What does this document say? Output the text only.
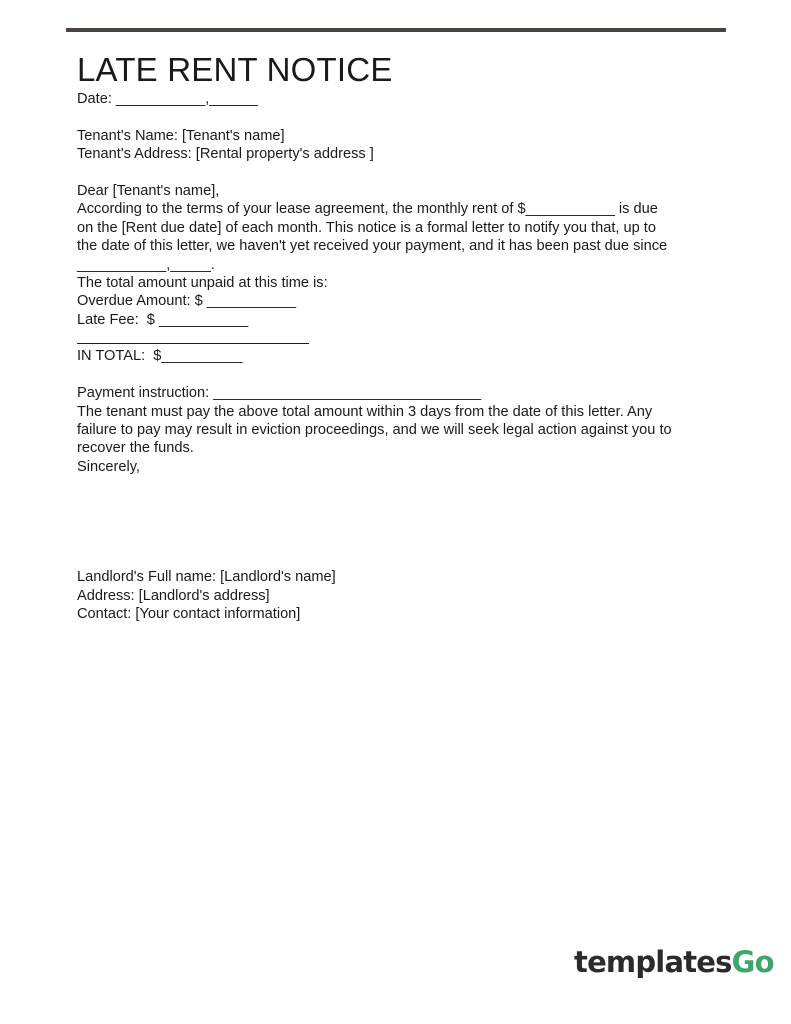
LATE RENT NOTICE
Date: ___________,______
Tenant's Name: [Tenant's name]
Tenant's Address: [Rental property's address ]
Dear [Tenant's name],
According to the terms of your lease agreement, the monthly rent of $___________ is due
on the [Rent due date] of each month. This notice is a formal letter to notify you that, up to
the date of this letter, we haven't yet received your payment, and it has been past due since
___________,_____.
The total amount unpaid at this time is:
Overdue Amount: $ ___________
Late Fee:  $ ___________
IN TOTAL:  $__________
Payment instruction: _________________________________
The tenant must pay the above total amount within 3 days from the date of this letter. Any
failure to pay may result in eviction proceedings, and we will seek legal action against you to
recover the funds.
Sincerely,
Landlord's Full name: [Landlord's name]
Address: [Landlord's address]
Contact: [Your contact information]
templatesGo
